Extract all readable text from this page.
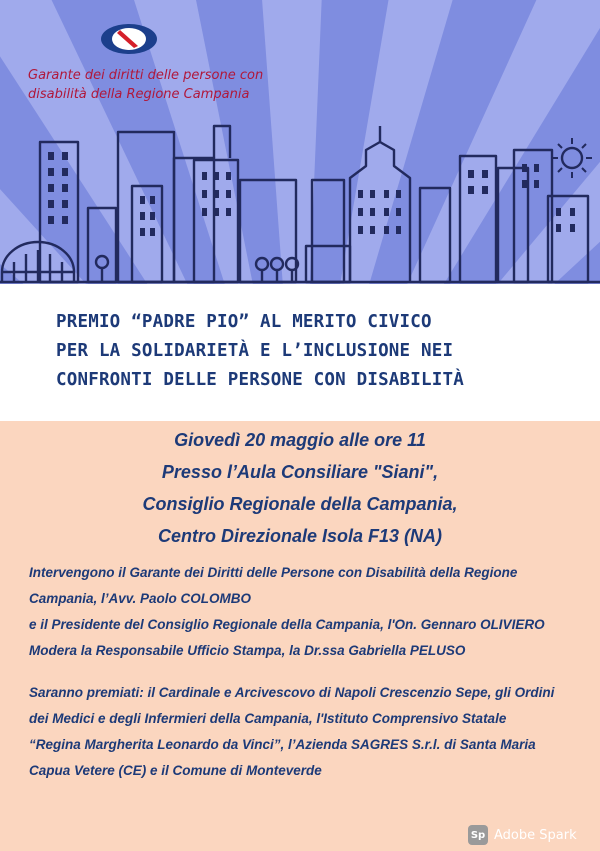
Garante dei diritti delle persone con
disabilità della Regione Campania
PREMIO “PADRE PIO” AL MERITO CIVICO
PER LA SOLIDARIETÀ E L’INCLUSIONE NEI
CONFRONTI DELLE PERSONE CON DISABILITÀ
Giovedì 20 maggio alle ore 11
Presso l’Aula Consiliare "Siani",
Consiglio Regionale della Campania,
Centro Direzionale Isola F13 (NA)
Intervengono il Garante dei Diritti delle Persone con Disabilità della Regione
Campania, l’Avv. Paolo COLOMBO
e il Presidente del Consiglio Regionale della Campania, l'On. Gennaro OLIVIERO
Modera la Responsabile Ufficio Stampa, la Dr.ssa Gabriella PELUSO
Saranno premiati: il Cardinale e Arcivescovo di Napoli Crescenzio Sepe, gli Ordini
dei Medici e degli Infermieri della Campania, l'Istituto Comprensivo Statale
“Regina Margherita Leonardo da Vinci”, l’Azienda SAGRES S.r.l. di Santa Maria
Capua Vetere (CE) e il Comune di Monteverde
Sp Adobe Spark
